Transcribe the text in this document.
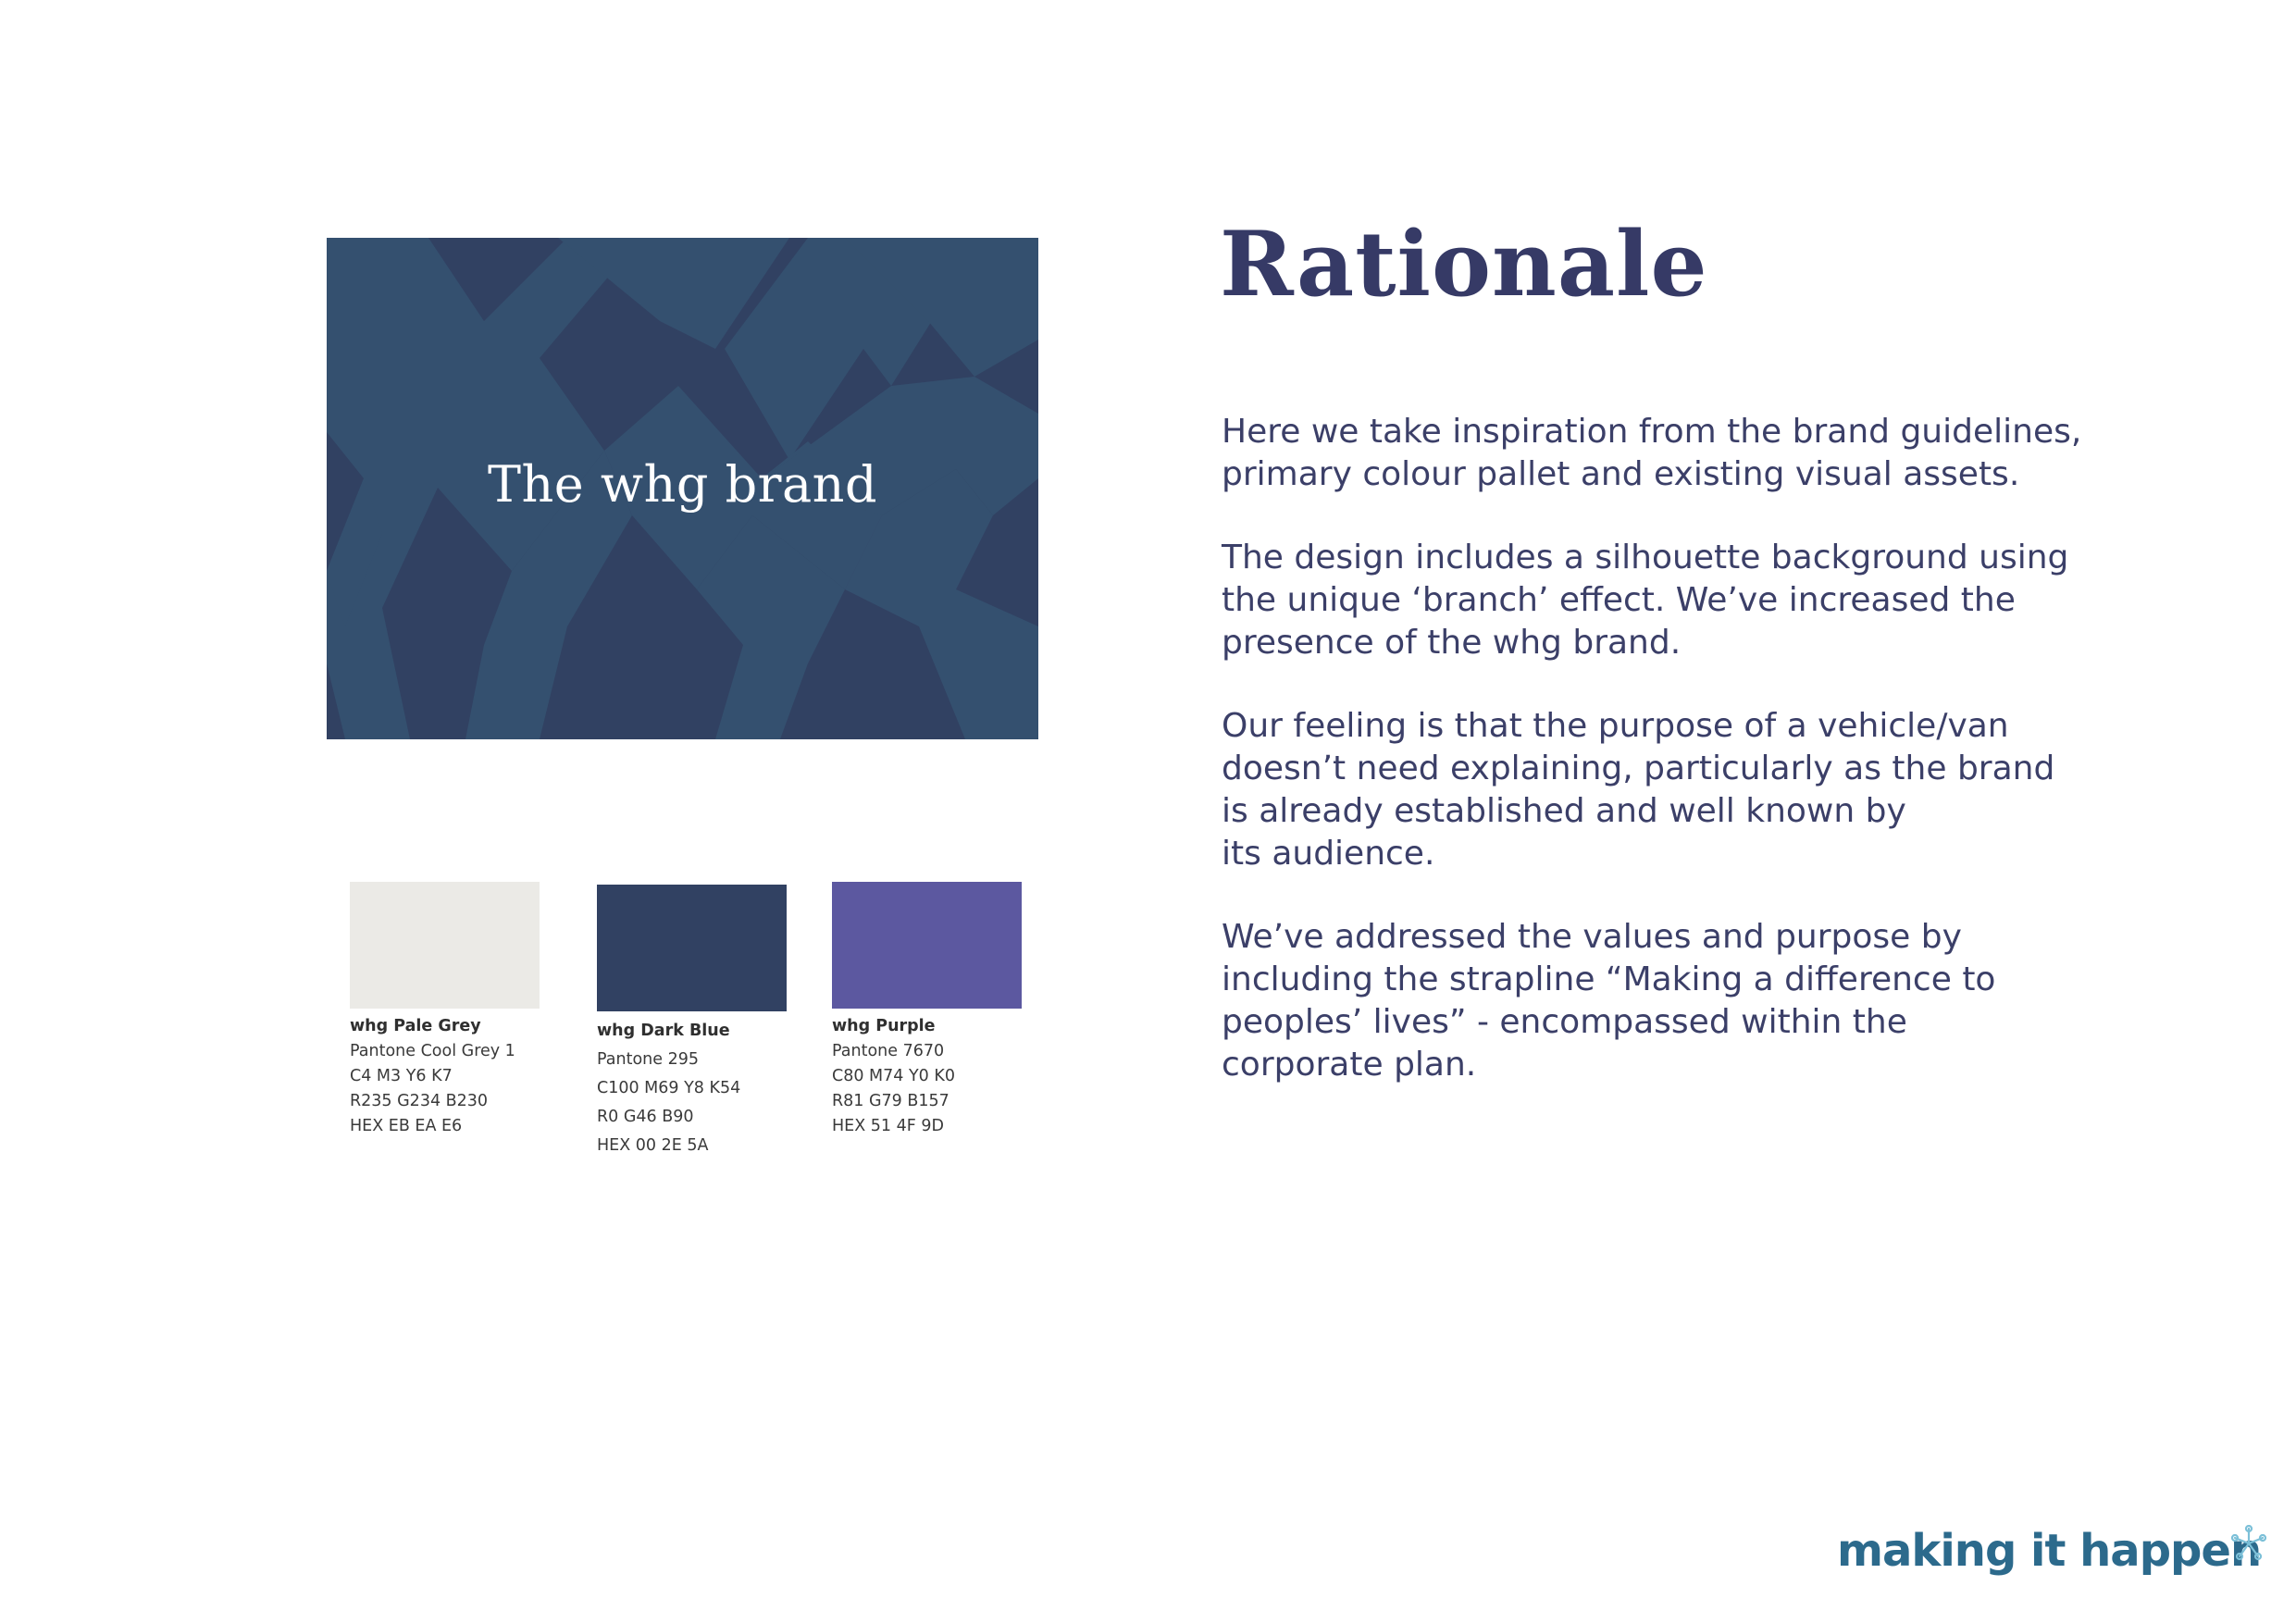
The whg brand
whg Pale Grey
Pantone Cool Grey 1
C4 M3 Y6 K7
R235 G234 B230
HEX EB EA E6
whg Dark Blue
Pantone 295
C100 M69 Y8 K54
R0 G46 B90
HEX 00 2E 5A
whg Purple
Pantone 7670
C80 M74 Y0 K0
R81 G79 B157
HEX 51 4F 9D
Rationale

Here we take inspiration from the brand guidelines,
primary colour pallet and existing visual assets.

The design includes a silhouette background using
the unique ‘branch’ effect. We’ve increased the
presence of the whg brand.

Our feeling is that the purpose of a vehicle/van
doesn’t need explaining, particularly as the brand
is already established and well known by
its audience.

We’ve addressed the values and purpose by
including the strapline “Making a difference to
peoples’ lives” - encompassed within the
corporate plan.

making it happen
